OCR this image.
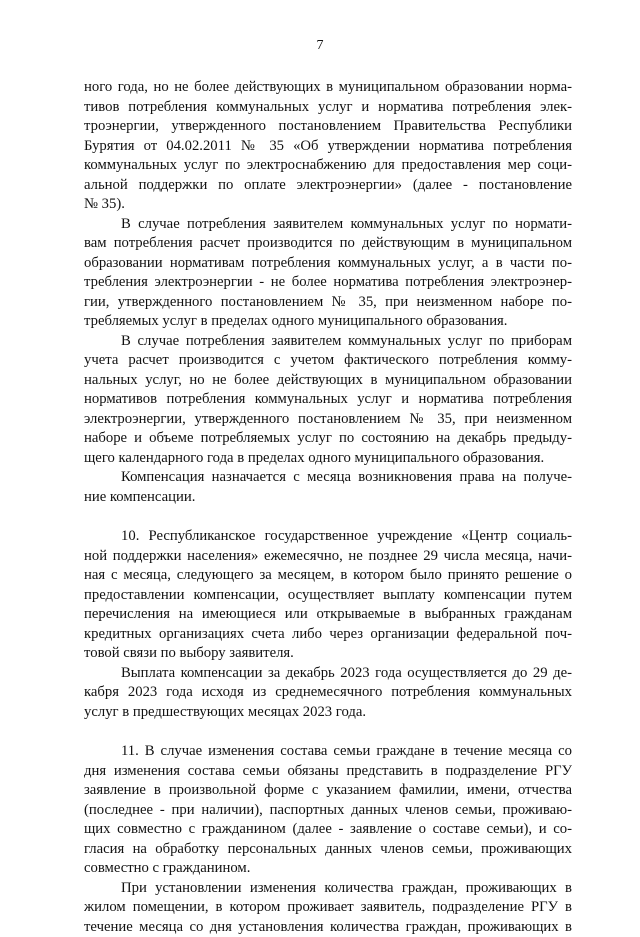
7
ного года, но не более действующих в муниципальном образовании норма-
тивов потребления коммунальных услуг и норматива потребления элек-
троэнергии, утвержденного постановлением Правительства Республики
Бурятия от 04.02.2011 № 35 «Об утверждении норматива потребления
коммунальных услуг по электроснабжению для предоставления мер соци-
альной поддержки по оплате электроэнергии» (далее - постановление
№ 35).
В случае потребления заявителем коммунальных услуг по нормати-
вам потребления расчет производится по действующим в муниципальном
образовании нормативам потребления коммунальных услуг, а в части по-
требления электроэнергии - не более норматива потребления электроэнер-
гии, утвержденного постановлением № 35, при неизменном наборе по-
требляемых услуг в пределах одного муниципального образования.
В случае потребления заявителем коммунальных услуг по приборам
учета расчет производится с учетом фактического потребления комму-
нальных услуг, но не более действующих в муниципальном образовании
нормативов потребления коммунальных услуг и норматива потребления
электроэнергии, утвержденного постановлением № 35, при неизменном
наборе и объеме потребляемых услуг по состоянию на декабрь предыду-
щего календарного года в пределах одного муниципального образования.
Компенсация назначается с месяца возникновения права на получе-
ние компенсации.
10. Республиканское государственное учреждение «Центр социаль-
ной поддержки населения» ежемесячно, не позднее 29 числа месяца, начи-
ная с месяца, следующего за месяцем, в котором было принято решение о
предоставлении компенсации, осуществляет выплату компенсации путем
перечисления на имеющиеся или открываемые в выбранных гражданам
кредитных организациях счета либо через организации федеральной поч-
товой связи по выбору заявителя.
Выплата компенсации за декабрь 2023 года осуществляется до 29 де-
кабря 2023 года исходя из среднемесячного потребления коммунальных
услуг в предшествующих месяцах 2023 года.
11. В случае изменения состава семьи граждане в течение месяца со
дня изменения состава семьи обязаны представить в подразделение РГУ
заявление в произвольной форме с указанием фамилии, имени, отчества
(последнее - при наличии), паспортных данных членов семьи, проживаю-
щих совместно с гражданином (далее - заявление о составе семьи), и со-
гласия на обработку персональных данных членов семьи, проживающих
совместно с гражданином.
При установлении изменения количества граждан, проживающих в
жилом помещении, в котором проживает заявитель, подразделение РГУ в
течение месяца со дня установления количества граждан, проживающих в
